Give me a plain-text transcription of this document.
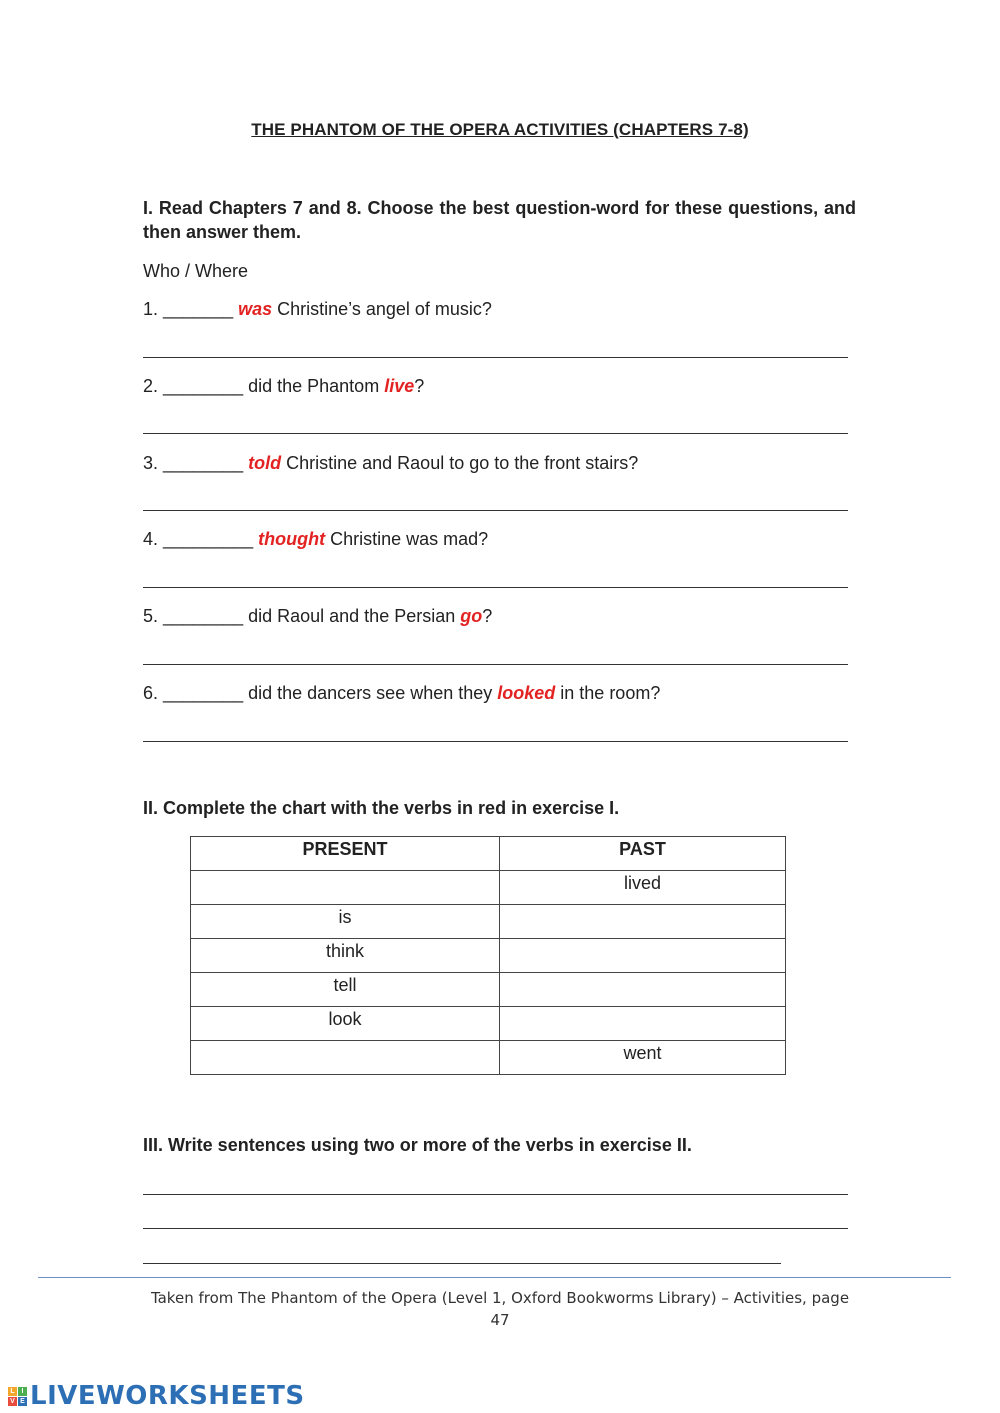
THE PHANTOM OF THE OPERA ACTIVITIES (CHAPTERS 7-8)
I. Read Chapters 7 and 8. Choose the best question-word for these questions, and then answer them.
Who / Where
1. _______ was Christine’s angel of music?
2. ________ did the Phantom live?
3. ________ told Christine and Raoul to go to the front stairs?
4. _________ thought Christine was mad?
5. ________ did Raoul and the Persian go?
6. ________ did the dancers see when they looked in the room?
II. Complete the chart with the verbs in red in exercise I.
PRESENT	PAST
	lived
is	
think	
tell	
look	
	went
III. Write sentences using two or more of the verbs in exercise II.
Taken from The Phantom of the Opera (Level 1, Oxford Bookworms Library) – Activities, page
47
L I
V E LIVEWORKSHEETS
